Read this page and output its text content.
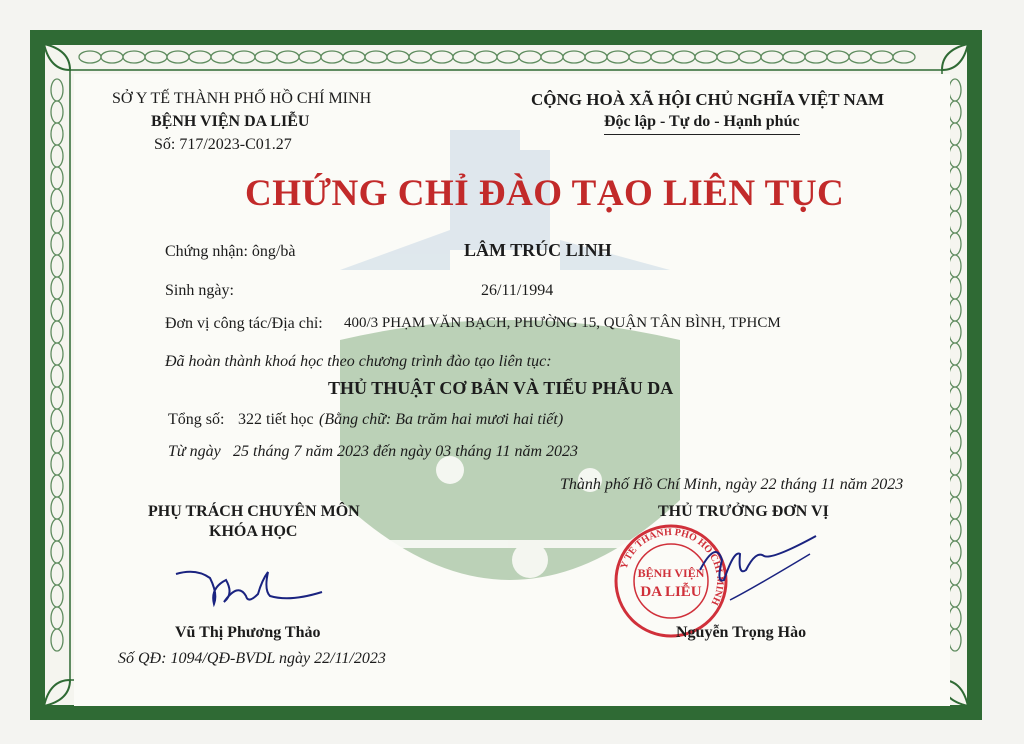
SỞ Y TẾ THÀNH PHỐ HỒ CHÍ MINH
BỆNH VIỆN DA LIỄU
Số: 717/2023-C01.27
CỘNG HOÀ XÃ HỘI CHỦ NGHĨA VIỆT NAM
Độc lập - Tự do - Hạnh phúc
CHỨNG CHỈ ĐÀO TẠO LIÊN TỤC
Chứng nhận: ông/bà	LÂM TRÚC LINH
Sinh ngày:	26/11/1994
Đơn vị công tác/Địa chỉ: 400/3 PHẠM VĂN BẠCH, PHƯỜNG 15, QUẬN TÂN BÌNH, TPHCM
Đã hoàn thành khoá học theo chương trình đào tạo liên tục:
THỦ THUẬT CƠ BẢN VÀ TIỂU PHẪU DA
Tổng số: 322 tiết học (Bằng chữ: Ba trăm hai mươi hai tiết)
Từ ngày 25 tháng 7 năm 2023 đến ngày 03 tháng 11 năm 2023
Thành phố Hồ Chí Minh, ngày 22 tháng 11 năm 2023
PHỤ TRÁCH CHUYÊN MÔN
KHÓA HỌC
Vũ Thị Phương Thảo
THỦ TRƯỞNG ĐƠN VỊ
Y TẾ THÀNH PHỐ HỒ CHÍ MINH
BỆNH VIỆN
DA LIỄU
Nguyễn Trọng Hào
Số QĐ: 1094/QĐ-BVDL ngày 22/11/2023
